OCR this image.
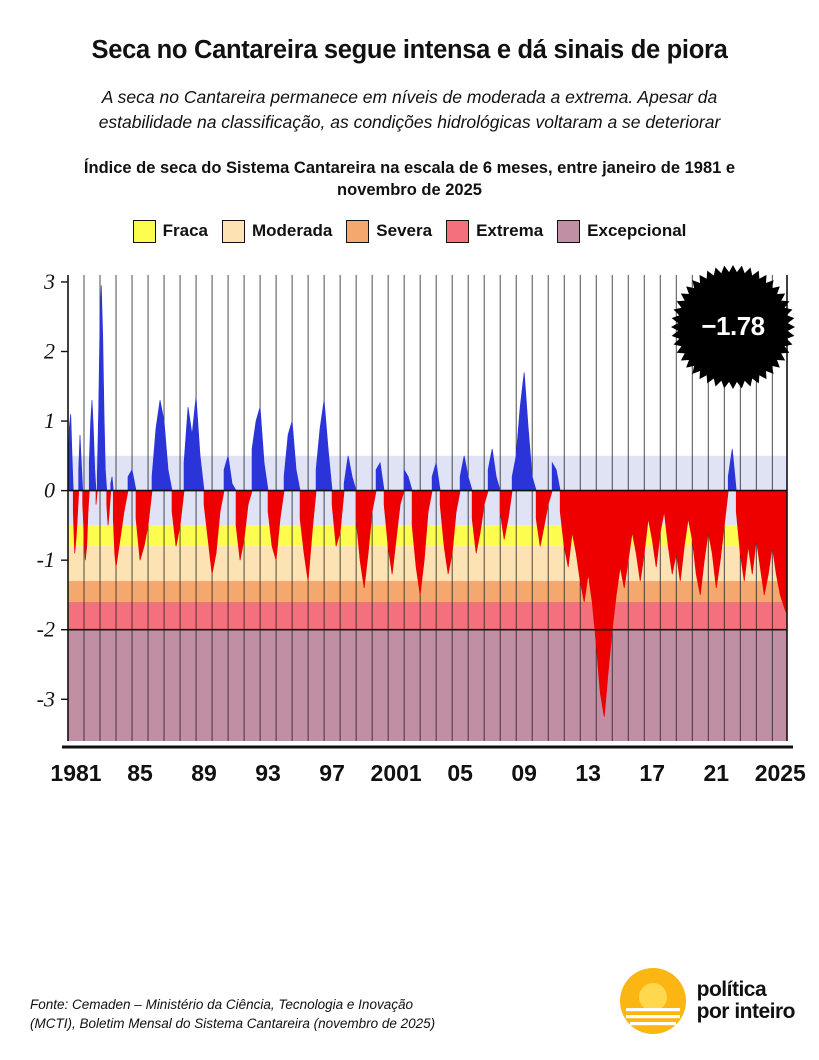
Seca no Cantareira segue intensa e dá sinais de piora

A seca no Cantareira permanece em níveis de moderada a extrema. Apesar da estabilidade na classificação, as condições hidrológicas voltaram a se deteriorar

Índice de seca do Sistema Cantareira na escala de 6 meses, entre janeiro de 1981 e novembro de 2025

Fraca	Moderada	Severa	Extrema	Excepcional
3
2
1
0
-1
-2
-3
1981 85 89 93 97 2001 05 09 13 17 21 2025
−1.78
Fonte: Cemaden – Ministério da Ciência, Tecnologia e Inovação
(MCTI), Boletim Mensal do Sistema Cantareira (novembro de 2025)
política
por inteiro
